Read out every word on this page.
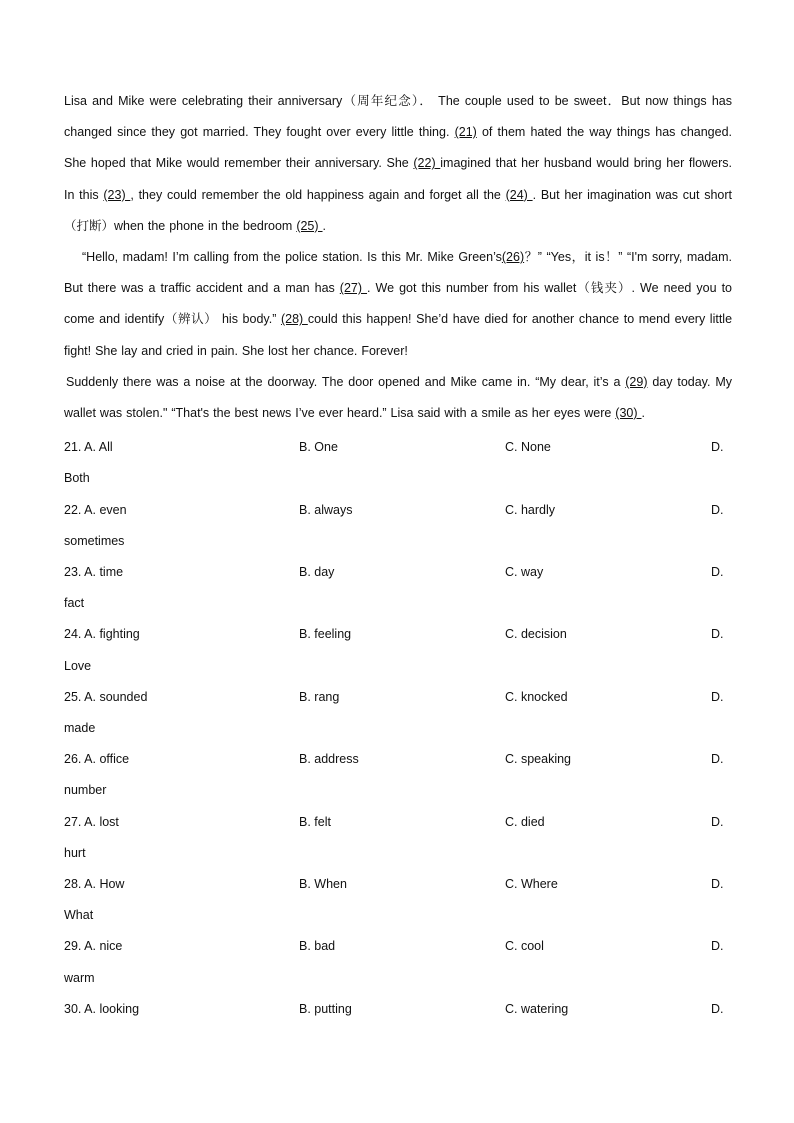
Lisa and Mike were celebrating their anniversary（周年纪念）． The couple used to be sweet．But now things has changed since they got married. They fought over every little thing. (21) of them hated the way things has changed. She hoped that Mike would remember their anniversary. She (22) imagined that her husband would bring her flowers. In this (23) , they could remember the old happiness again and forget all the (24) . But her imagination was cut short（打断）when the phone in the bedroom (25) .

“Hello, madam! I’m calling from the police station. Is this Mr. Mike Green’s(26)？” “Yes，it is！” “I'm sorry, madam. But there was a traffic accident and a man has (27) . We got this number from his wallet（钱夹）. We need you to come and identify（辨认） his body.” (28) could this happen! She’d have died for another chance to mend every little fight! She lay and cried in pain. She lost her chance. Forever!

Suddenly there was a noise at the doorway. The door opened and Mike came in. “My dear, it’s a (29) day today. My wallet was stolen." “That's the best news I’ve ever heard.” Lisa said with a smile as her eyes were (30) .

21. A. All	B. One	C. None	D.
Both
22. A. even	B. always	C. hardly	D.
sometimes
23. A. time	B. day	C. way	D.
fact
24. A. fighting	B. feeling	C. decision	D.
Love
25. A. sounded	B. rang	C. knocked	D.
made
26. A. office	B. address	C. speaking	D.
number
27. A. lost	B. felt	C. died	D.
hurt
28. A. How	B. When	C. Where	D.
What
29. A. nice	B. bad	C. cool	D.
warm
30. A. looking	B. putting	C. watering	D.
